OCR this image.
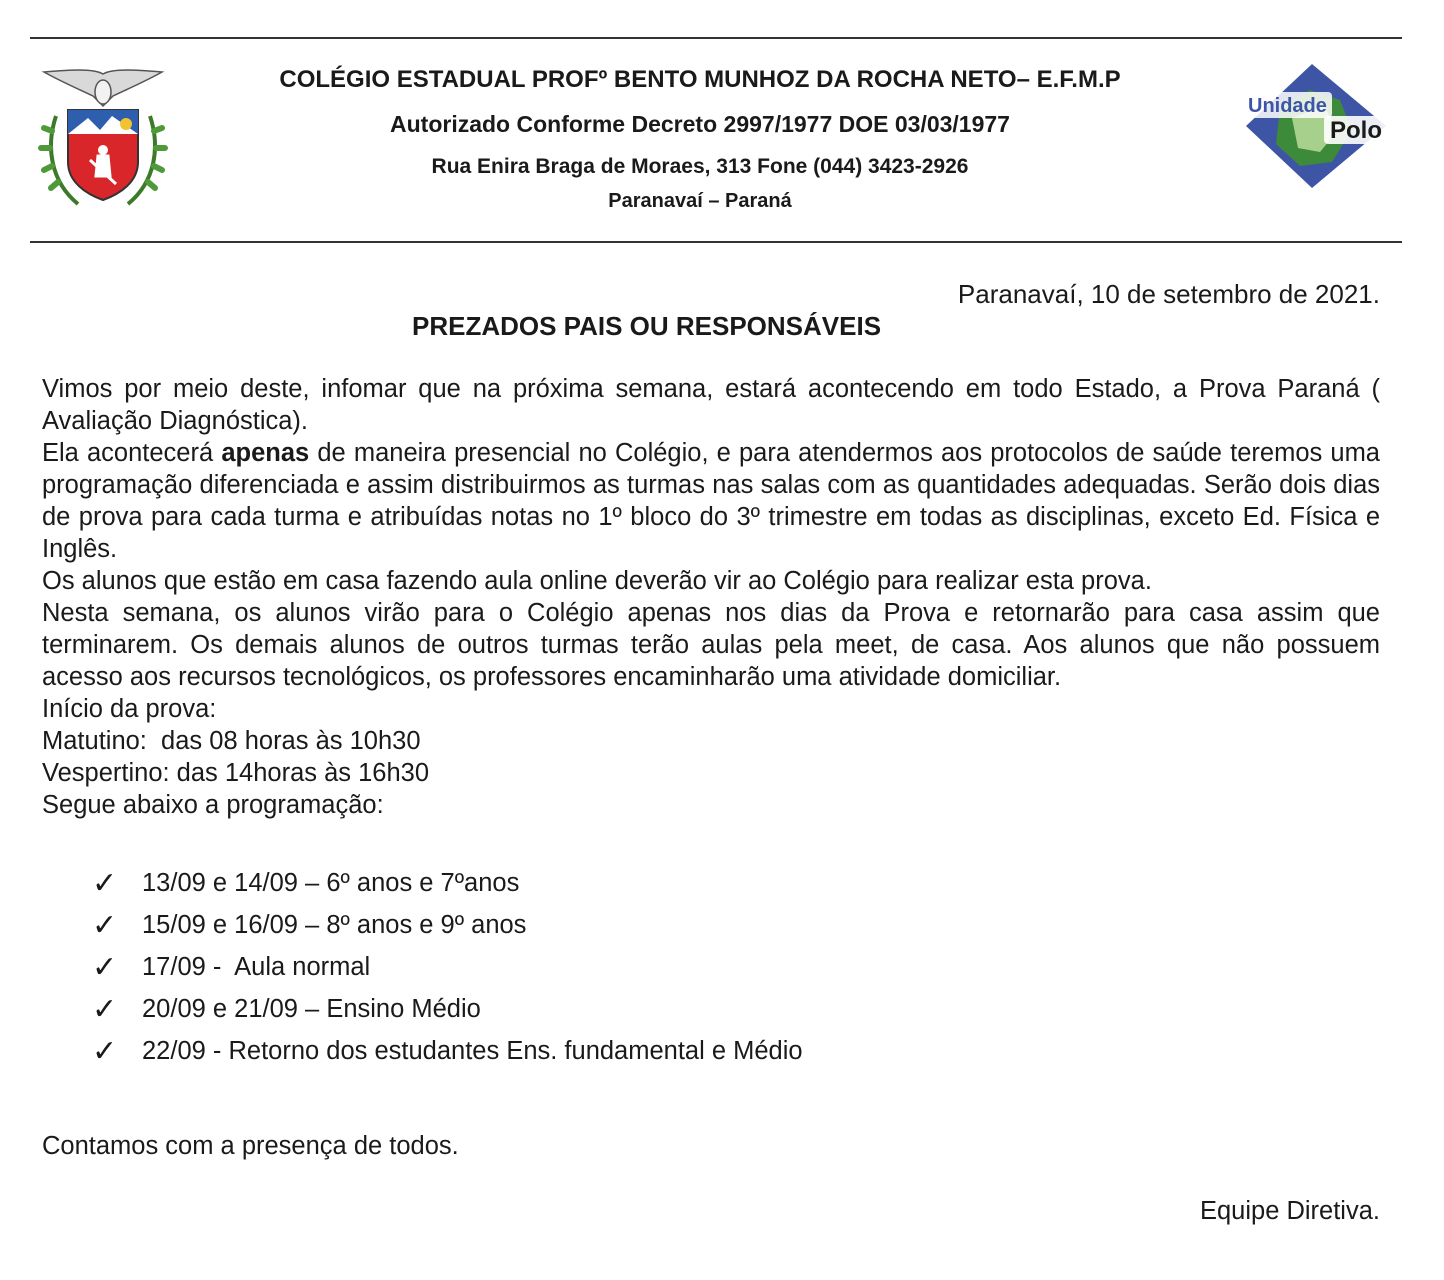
COLÉGIO ESTADUAL PROFº BENTO MUNHOZ DA ROCHA NETO– E.F.M.P
Autorizado Conforme Decreto 2997/1977 DOE 03/03/1977
Rua Enira Braga de Moraes, 313 Fone (044) 3423-2926
Paranavaí – Paraná
Unidade
Polo
Paranavaí, 10 de setembro de 2021.
PREZADOS PAIS OU RESPONSÁVEIS

Vimos por meio deste, infomar que na próxima semana, estará acontecendo em todo Estado, a Prova Paraná ( Avaliação Diagnóstica).

Ela acontecerá apenas de maneira presencial no Colégio, e para atendermos aos protocolos de saúde teremos uma programação diferenciada e assim distribuirmos as turmas nas salas com as quantidades adequadas. Serão dois dias de prova para cada turma e atribuídas notas no 1º bloco do 3º trimestre em todas as disciplinas, exceto Ed. Física e Inglês.

Os alunos que estão em casa fazendo aula online deverão vir ao Colégio para realizar esta prova.

Nesta semana, os alunos virão para o Colégio apenas nos dias da Prova e retornarão para casa assim que terminarem. Os demais alunos de outros turmas terão aulas pela meet, de casa. Aos alunos que não possuem acesso aos recursos tecnológicos, os professores encaminharão uma atividade domiciliar.

Início da prova:

Matutino:  das 08 horas às 10h30

Vespertino: das 14horas às 16h30

Segue abaixo a programação:

✓ 13/09 e 14/09 – 6º anos e 7ºanos
✓ 15/09 e 16/09 – 8º anos e 9º anos
✓ 17/09 -  Aula normal
✓ 20/09 e 21/09 – Ensino Médio
✓ 22/09 - Retorno dos estudantes Ens. fundamental e Médio
Contamos com a presença de todos.
Equipe Diretiva.
